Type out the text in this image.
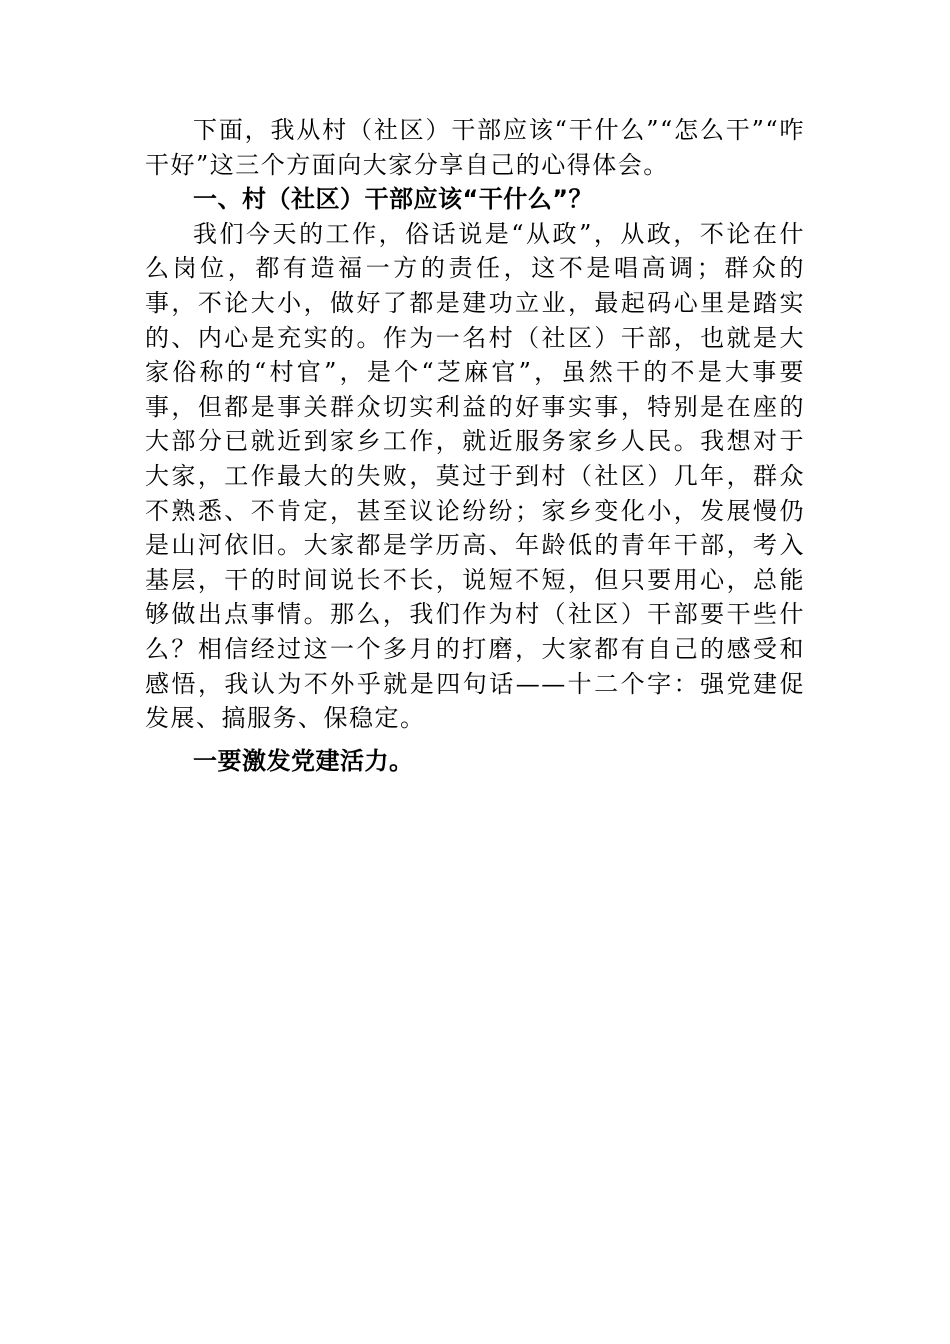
下面，我从村（社区）干部应该“干什么”“怎么干”“咋干好”这三个方面向大家分享自己的心得体会。

一、村（社区）干部应该“干什么”？

我们今天的工作，俗话说是“从政”，从政，不论在什么岗位，都有造福一方的责任，这不是唱高调；群众的事，不论大小，做好了都是建功立业，最起码心里是踏实的、内心是充实的。作为一名村（社区）干部，也就是大家俗称的“村官”，是个“芝麻官”，虽然干的不是大事要事，但都是事关群众切实利益的好事实事，特别是在座的大部分已就近到家乡工作，就近服务家乡人民。我想对于大家，工作最大的失败，莫过于到村（社区）几年，群众不熟悉、不肯定，甚至议论纷纷；家乡变化小，发展慢仍是山河依旧。大家都是学历高、年龄低的青年干部，考入基层，干的时间说长不长，说短不短，但只要用心，总能够做出点事情。那么，我们作为村（社区）干部要干些什么？相信经过这一个多月的打磨，大家都有自己的感受和感悟，我认为不外乎就是四句话——十二个字：强党建促发展、搞服务、保稳定。

一要激发党建活力。
